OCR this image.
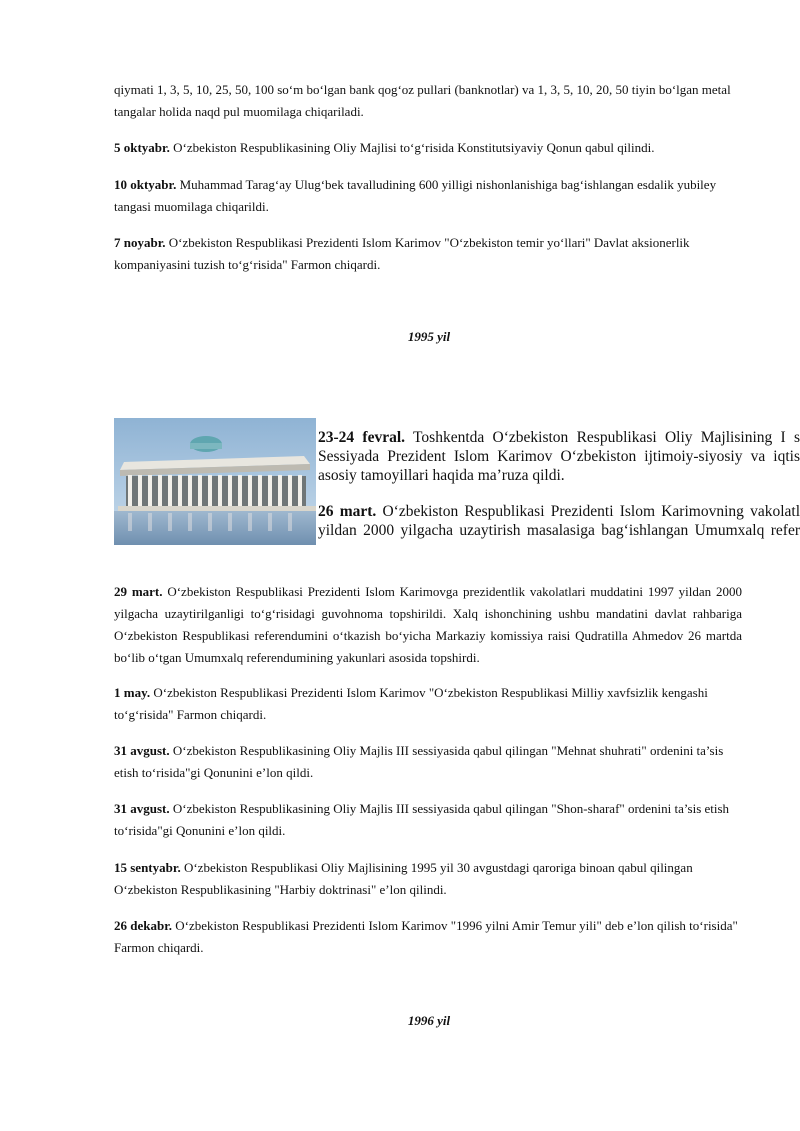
qiymati 1, 3, 5, 10, 25, 50, 100 so‘m bo‘lgan bank qog‘oz pullari (banknotlar) va 1, 3, 5, 10, 20, 50 tiyin bo‘lgan metal tangalar holida naqd pul muomilaga chiqariladi.

5 oktyabr. O‘zbekiston Respublikasining Oliy Majlisi to‘g‘risida Konstitutsiyaviy Qonun qabul qilindi.

10 oktyabr. Muhammad Tarag‘ay Ulug‘bek tavalludining 600 yilligi nishonlanishiga bag‘ishlangan esdalik yubiley tangasi muomilaga chiqarildi.

7 noyabr. O‘zbekiston Respublikasi Prezidenti Islom Karimov "O‘zbekiston temir yo‘llari" Davlat aksionerlik kompaniyasini tuzish to‘g‘risida" Farmon chiqardi.

1995 yil
23-24 fevral. Toshkentda O‘zbekiston Respublikasi Oliy Majlisining I s
Sessiyada Prezident Islom Karimov O‘zbekiston ijtimoiy-siyosiy va iqtis
asosiy tamoyillari haqida ma’ruza qildi.
26 mart. O‘zbekiston Respublikasi Prezidenti Islom Karimovning vakolatl
yildan 2000 yilgacha uzaytirish masalasiga bag‘ishlangan Umumxalq refer

29 mart. O‘zbekiston Respublikasi Prezidenti Islom Karimovga prezidentlik vakolatlari muddatini 1997 yildan 2000 yilgacha uzaytirilganligi to‘g‘risidagi guvohnoma topshirildi. Xalq ishonchining ushbu mandatini davlat rahbariga O‘zbekiston Respublikasi referendumini o‘tkazish bo‘yicha Markaziy komissiya raisi Qudratilla Ahmedov 26 martda bo‘lib o‘tgan Umumxalq referendumining yakunlari asosida topshirdi.

1 may. O‘zbekiston Respublikasi Prezidenti Islom Karimov "O‘zbekiston Respublikasi Milliy xavfsizlik kengashi to‘g‘risida" Farmon chiqardi.

31 avgust. O‘zbekiston Respublikasining Oliy Majlis III sessiyasida qabul qilingan "Mehnat shuhrati" ordenini ta’sis etish to‘risida"gi Qonunini e’lon qildi.

31 avgust. O‘zbekiston Respublikasining Oliy Majlis III sessiyasida qabul qilingan "Shon-sharaf" ordenini ta’sis etish to‘risida"gi Qonunini e’lon qildi.

15 sentyabr. O‘zbekiston Respublikasi Oliy Majlisining 1995 yil 30 avgustdagi qaroriga binoan qabul qilingan O‘zbekiston Respublikasining "Harbiy doktrinasi" e’lon qilindi.

26 dekabr. O‘zbekiston Respublikasi Prezidenti Islom Karimov "1996 yilni Amir Temur yili" deb e’lon qilish to‘risida" Farmon chiqardi.

1996 yil
